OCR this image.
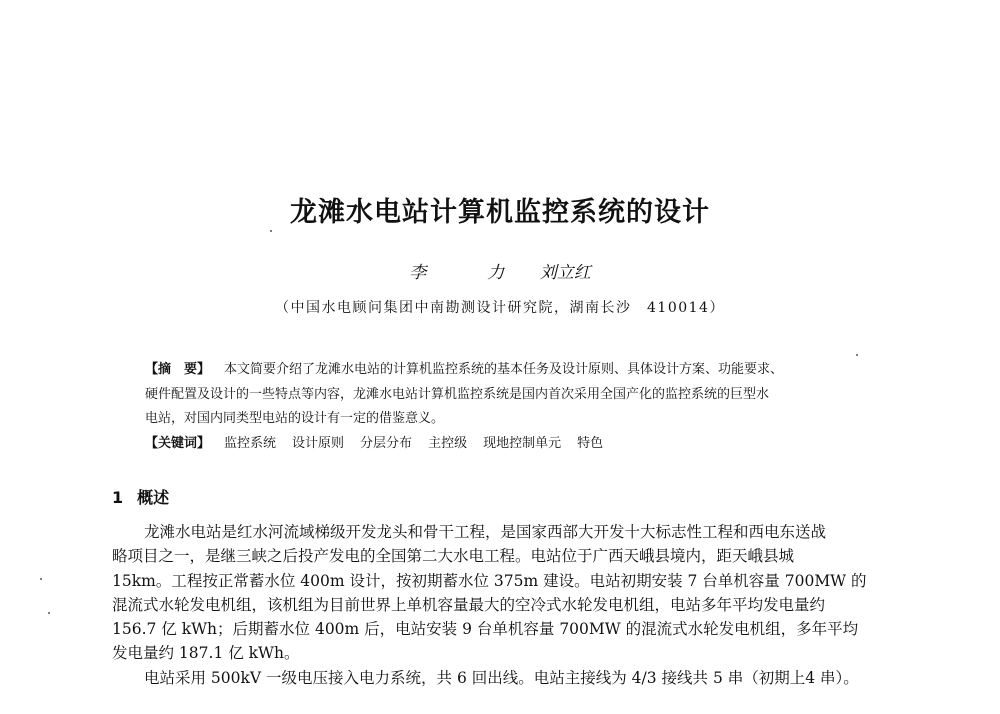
龙滩水电站计算机监控系统的设计
李　力 刘立红
（中国水电顾问集团中南勘测设计研究院，湖南长沙　410014）
【摘　要】 本文简要介绍了龙滩水电站的计算机监控系统的基本任务及设计原则、具体设计方案、功能要求、
硬件配置及设计的一些特点等内容，龙滩水电站计算机监控系统是国内首次采用全国产化的监控系统的巨型水
电站，对国内同类型电站的设计有一定的借鉴意义。
【关键词】 监控系统 设计原则 分层分布 主控级 现地控制单元 特色
1 概述
龙滩水电站是红水河流域梯级开发龙头和骨干工程，是国家西部大开发十大标志性工程和西电东送战
略项目之一，是继三峡之后投产发电的全国第二大水电工程。电站位于广西天峨县境内，距天峨县城
15km。工程按正常蓄水位 400m 设计，按初期蓄水位 375m 建设。电站初期安装 7 台单机容量 700MW 的
混流式水轮发电机组，该机组为目前世界上单机容量最大的空冷式水轮发电机组，电站多年平均发电量约
156.7 亿 kWh；后期蓄水位 400m 后，电站安装 9 台单机容量 700MW 的混流式水轮发电机组，多年平均
发电量约 187.1 亿 kWh。
电站采用 500kV 一级电压接入电力系统，共 6 回出线。电站主接线为 4/3 接线共 5 串（初期上4 串）。
